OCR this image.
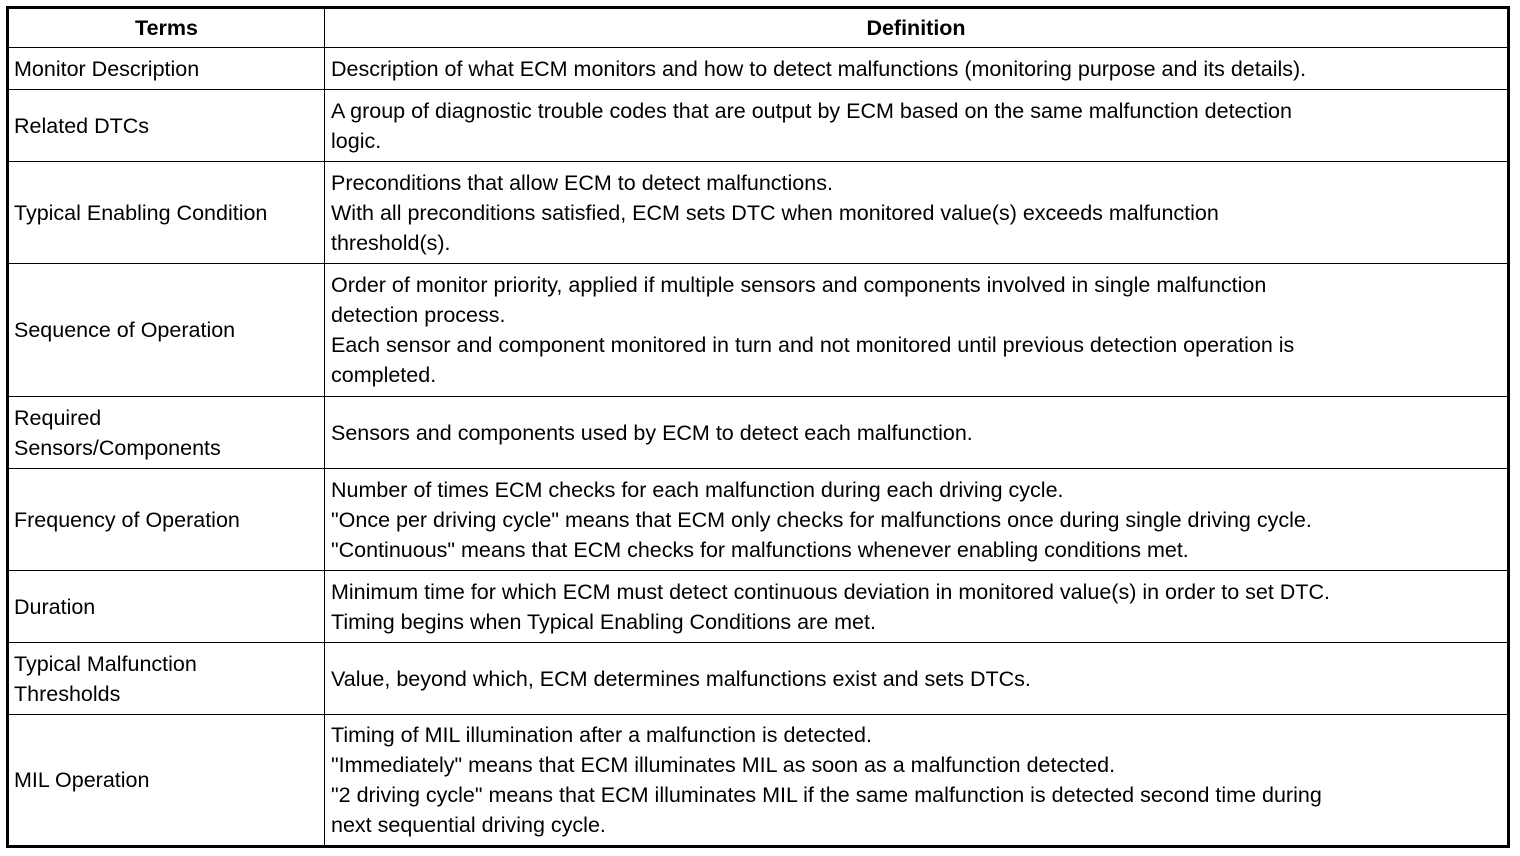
Terms	Definition

Monitor Description	Description of what ECM monitors and how to detect malfunctions (monitoring purpose and its details).

Related DTCs	A group of diagnostic trouble codes that are output by ECM based on the same malfunction detection
logic.

Typical Enabling Condition	Preconditions that allow ECM to detect malfunctions.
With all preconditions satisfied, ECM sets DTC when monitored value(s) exceeds malfunction
threshold(s).

Sequence of Operation	Order of monitor priority, applied if multiple sensors and components involved in single malfunction
detection process.
Each sensor and component monitored in turn and not monitored until previous detection operation is
completed.

Required
Sensors/Components	Sensors and components used by ECM to detect each malfunction.

Frequency of Operation	Number of times ECM checks for each malfunction during each driving cycle.
"Once per driving cycle" means that ECM only checks for malfunctions once during single driving cycle.
"Continuous" means that ECM checks for malfunctions whenever enabling conditions met.

Duration	Minimum time for which ECM must detect continuous deviation in monitored value(s) in order to set DTC.
Timing begins when Typical Enabling Conditions are met.

Typical Malfunction
Thresholds	Value, beyond which, ECM determines malfunctions exist and sets DTCs.

MIL Operation	Timing of MIL illumination after a malfunction is detected.
"Immediately" means that ECM illuminates MIL as soon as a malfunction detected.
"2 driving cycle" means that ECM illuminates MIL if the same malfunction is detected second time during
next sequential driving cycle.
